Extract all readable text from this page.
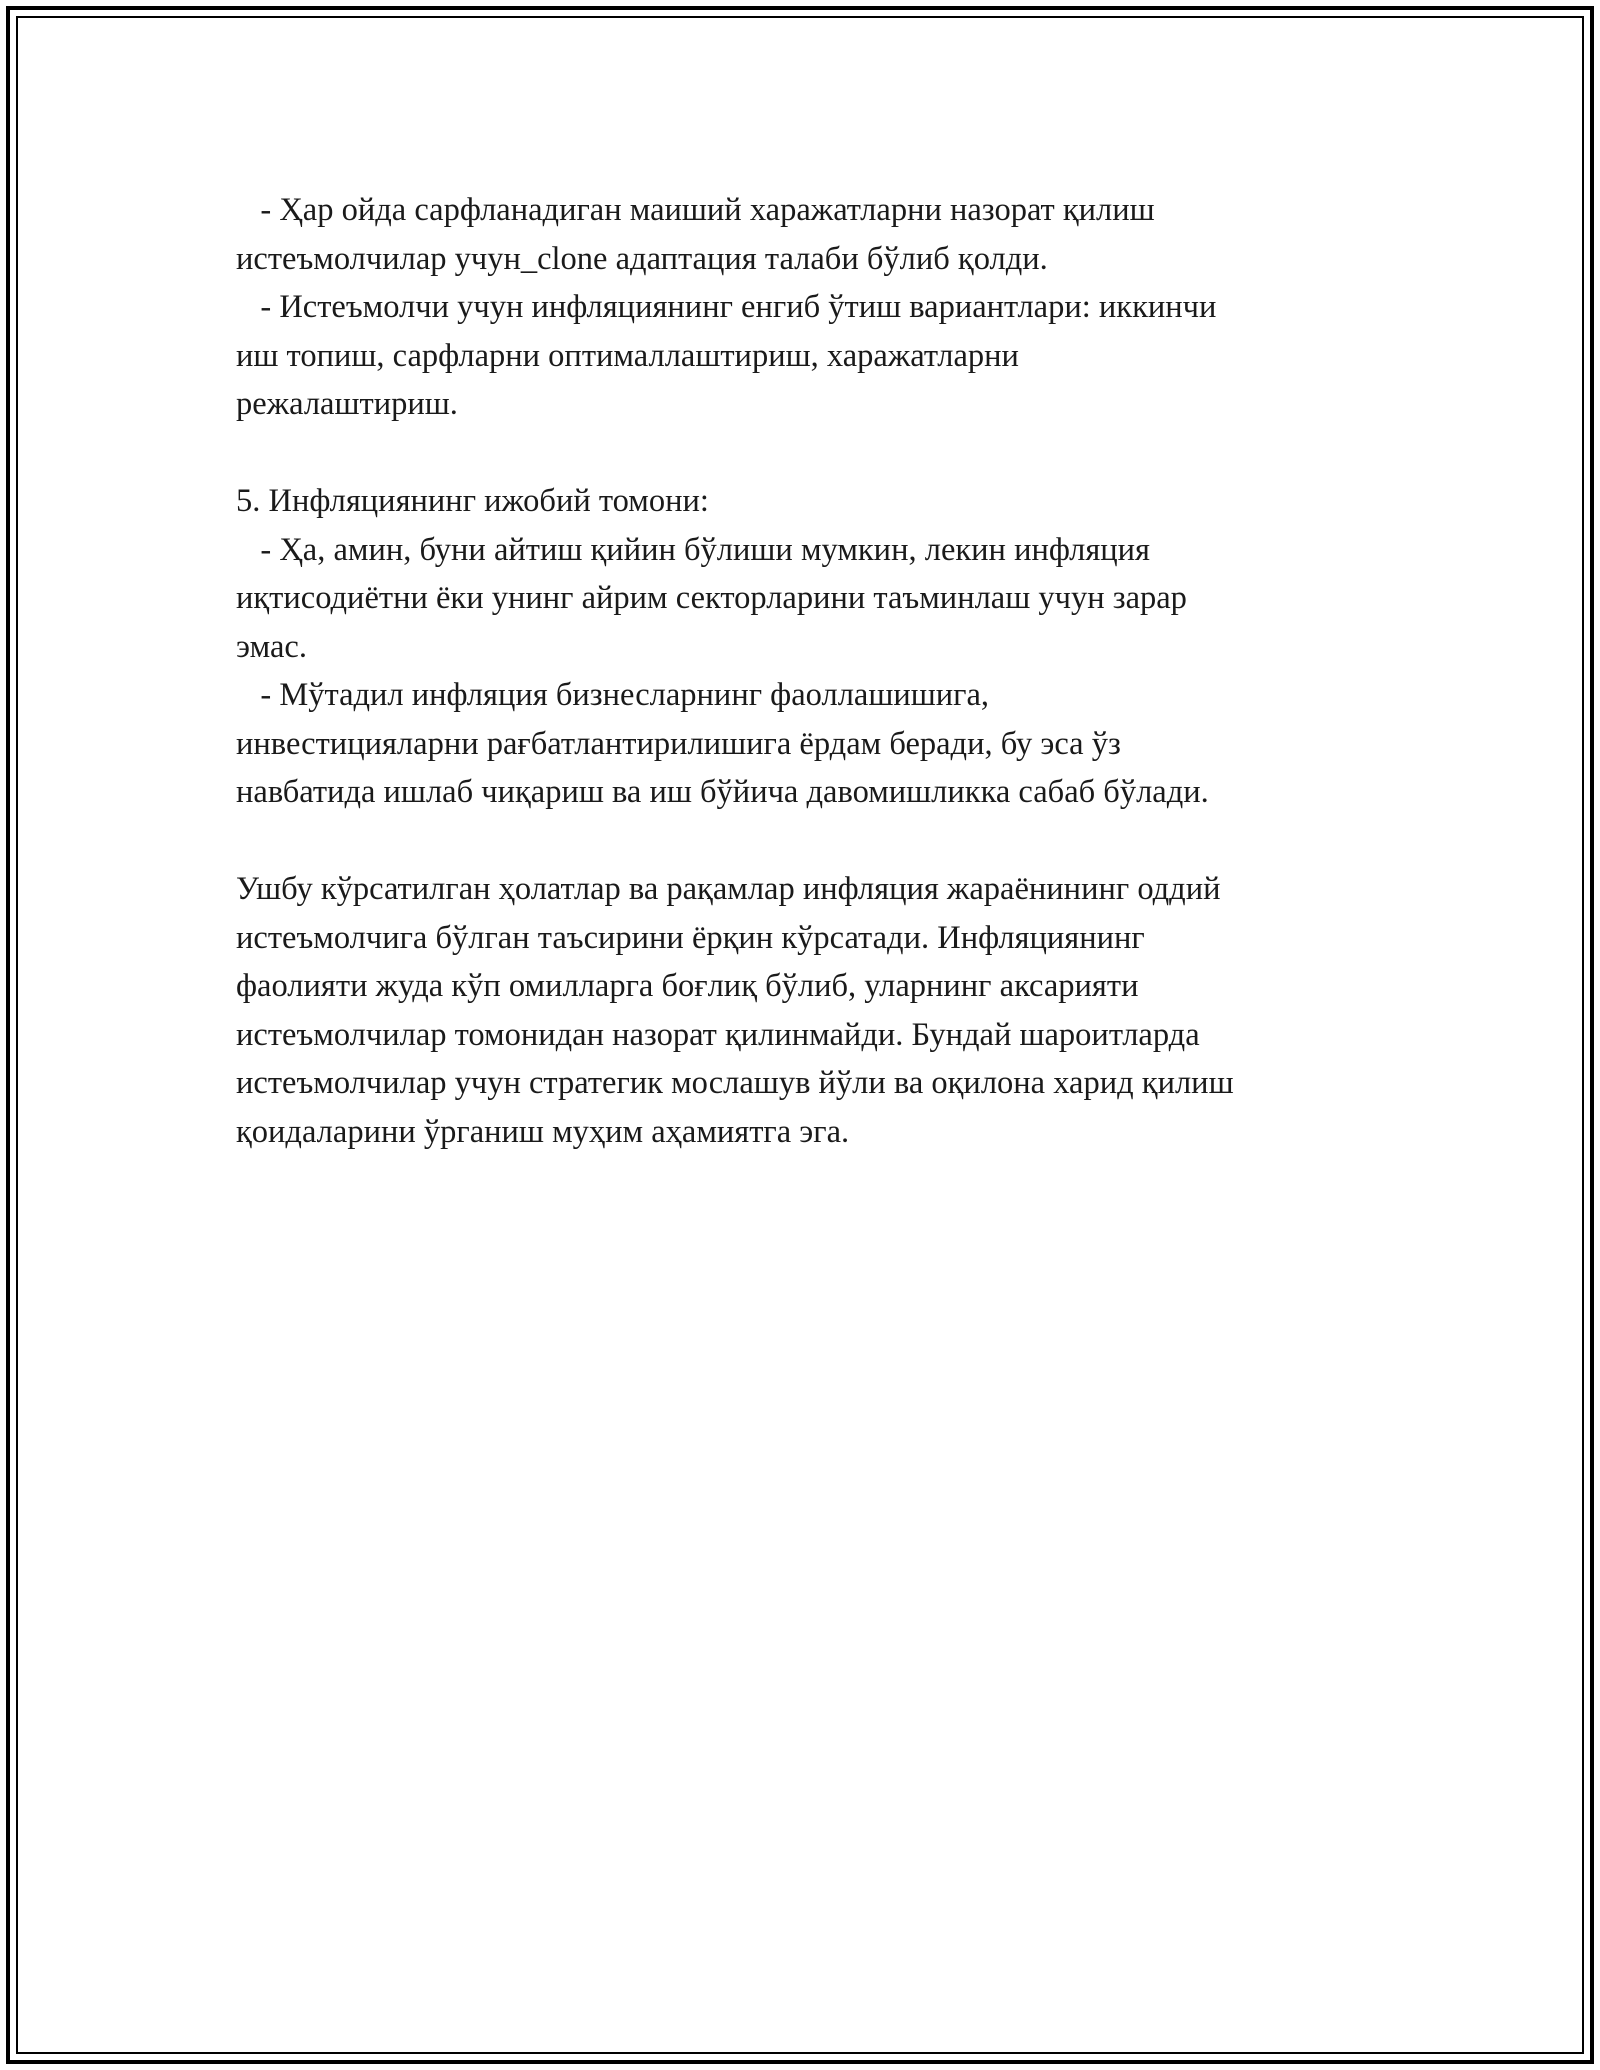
- Ҳар ойда сарфланадиган маиший харажатларни назорат қилиш
истеъмолчилар учун_clone адаптация талаби бўлиб қолди.
- Истеъмолчи учун инфляциянинг енгиб ўтиш вариантлари: иккинчи
иш топиш, сарфларни оптималлаштириш, харажатларни
режалаштириш.
5. Инфляциянинг ижобий томони:
- Ҳа, амин, буни айтиш қийин бўлиши мумкин, лекин инфляция
иқтисодиётни ёки унинг айрим секторларини таъминлаш учун зарар
эмас.
- Мўтадил инфляция бизнесларнинг фаоллашишига,
инвестицияларни рағбатлантирилишига ёрдам беради, бу эса ўз
навбатида ишлаб чиқариш ва иш бўйича давомишликка сабаб бўлади.
Ушбу кўрсатилган ҳолатлар ва рақамлар инфляция жараёнининг оддий
истеъмолчига бўлган таъсирини ёрқин кўрсатади. Инфляциянинг
фаолияти жуда кўп омилларга боғлиқ бўлиб, уларнинг аксарияти
истеъмолчилар томонидан назорат қилинмайди. Бундай шароитларда
истеъмолчилар учун стратегик мослашув йўли ва оқилона харид қилиш
қоидаларини ўрганиш муҳим аҳамиятга эга.
